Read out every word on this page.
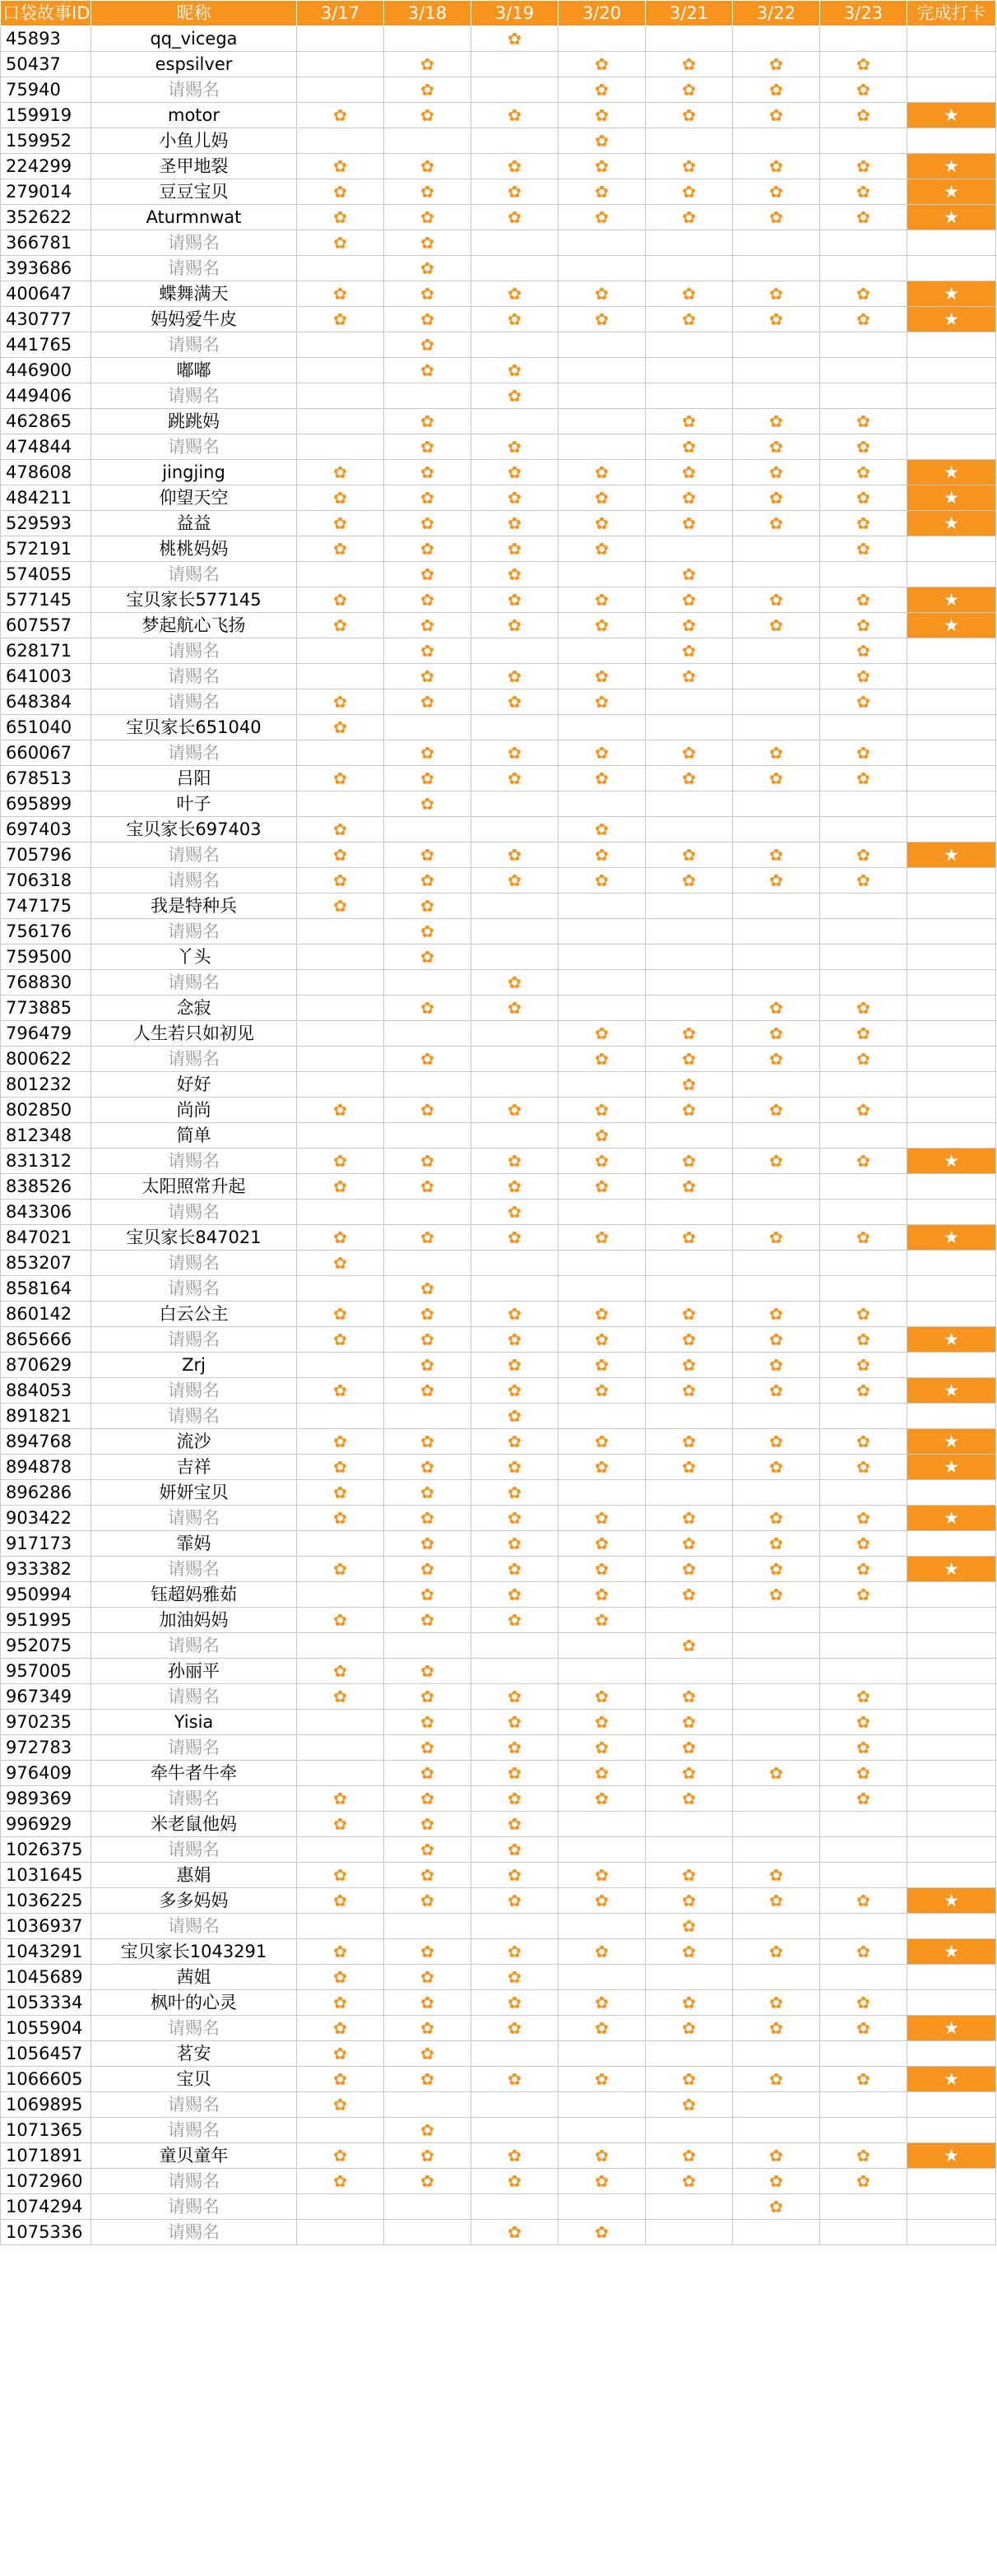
口袋故事ID	昵称	3/17	3/18	3/19	3/20	3/21	3/22	3/23	完成打卡
45893	qq_vicega			✿					
50437	espsilver		✿		✿	✿	✿	✿	
75940	请赐名		✿		✿	✿	✿	✿	
159919	motor	✿	✿	✿	✿	✿	✿	✿	★
159952	小鱼儿妈				✿				
224299	圣甲地裂	✿	✿	✿	✿	✿	✿	✿	★
279014	豆豆宝贝	✿	✿	✿	✿	✿	✿	✿	★
352622	Aturmnwat	✿	✿	✿	✿	✿	✿	✿	★
366781	请赐名	✿	✿						
393686	请赐名		✿						
400647	蝶舞满天	✿	✿	✿	✿	✿	✿	✿	★
430777	妈妈爱牛皮	✿	✿	✿	✿	✿	✿	✿	★
441765	请赐名		✿						
446900	嘟嘟		✿	✿					
449406	请赐名			✿					
462865	跳跳妈		✿			✿	✿	✿	
474844	请赐名		✿	✿		✿	✿	✿	
478608	jingjing	✿	✿	✿	✿	✿	✿	✿	★
484211	仰望天空	✿	✿	✿	✿	✿	✿	✿	★
529593	益益	✿	✿	✿	✿	✿	✿	✿	★
572191	桃桃妈妈	✿	✿	✿	✿			✿	
574055	请赐名		✿	✿		✿			
577145	宝贝家长577145	✿	✿	✿	✿	✿	✿	✿	★
607557	梦起航心飞扬	✿	✿	✿	✿	✿	✿	✿	★
628171	请赐名		✿			✿		✿	
641003	请赐名		✿	✿	✿	✿		✿	
648384	请赐名	✿	✿	✿	✿			✿	
651040	宝贝家长651040	✿							
660067	请赐名		✿	✿	✿	✿	✿	✿	
678513	吕阳	✿	✿	✿	✿	✿	✿	✿	
695899	叶子		✿						
697403	宝贝家长697403	✿			✿				
705796	请赐名	✿	✿	✿	✿	✿	✿	✿	★
706318	请赐名	✿	✿	✿	✿	✿	✿	✿	
747175	我是特种兵	✿	✿						
756176	请赐名		✿						
759500	丫头		✿						
768830	请赐名			✿					
773885	念寂		✿	✿			✿	✿	
796479	人生若只如初见				✿	✿	✿	✿	
800622	请赐名		✿		✿	✿	✿	✿	
801232	好好					✿			
802850	尚尚	✿	✿	✿	✿	✿	✿	✿	
812348	简单				✿				
831312	请赐名	✿	✿	✿	✿	✿	✿	✿	★
838526	太阳照常升起	✿	✿	✿	✿	✿			
843306	请赐名			✿					
847021	宝贝家长847021	✿	✿	✿	✿	✿	✿	✿	★
853207	请赐名	✿							
858164	请赐名		✿						
860142	白云公主	✿	✿	✿	✿	✿	✿	✿	
865666	请赐名	✿	✿	✿	✿	✿	✿	✿	★
870629	Zrj		✿	✿	✿	✿	✿	✿	
884053	请赐名	✿	✿	✿	✿	✿	✿	✿	★
891821	请赐名			✿					
894768	流沙	✿	✿	✿	✿	✿	✿	✿	★
894878	吉祥	✿	✿	✿	✿	✿	✿	✿	★
896286	妍妍宝贝	✿	✿	✿					
903422	请赐名	✿	✿	✿	✿	✿	✿	✿	★
917173	霏妈		✿	✿	✿	✿	✿	✿	
933382	请赐名	✿	✿	✿	✿	✿	✿	✿	★
950994	钰超妈雅茹		✿	✿	✿	✿	✿	✿	
951995	加油妈妈	✿	✿	✿	✿				
952075	请赐名					✿			
957005	孙丽平	✿	✿						
967349	请赐名	✿	✿	✿	✿	✿		✿	
970235	Yisia		✿	✿	✿	✿		✿	
972783	请赐名		✿	✿	✿	✿		✿	
976409	牵牛者牛牵		✿	✿	✿	✿	✿	✿	
989369	请赐名	✿	✿	✿	✿	✿		✿	
996929	米老鼠他妈	✿	✿	✿					
1026375	请赐名		✿	✿					
1031645	惠娟	✿	✿	✿	✿	✿	✿		
1036225	多多妈妈	✿	✿	✿	✿	✿	✿	✿	★
1036937	请赐名					✿			
1043291	宝贝家长1043291	✿	✿	✿	✿	✿	✿	✿	★
1045689	茜姐	✿	✿	✿					
1053334	枫叶的心灵	✿	✿	✿	✿	✿	✿	✿	
1055904	请赐名	✿	✿	✿	✿	✿	✿	✿	★
1056457	茗安	✿	✿						
1066605	宝贝	✿	✿	✿	✿	✿	✿	✿	★
1069895	请赐名	✿				✿			
1071365	请赐名		✿						
1071891	童贝童年	✿	✿	✿	✿	✿	✿	✿	★
1072960	请赐名	✿	✿	✿	✿	✿	✿	✿	
1074294	请赐名						✿		
1075336	请赐名			✿	✿				
